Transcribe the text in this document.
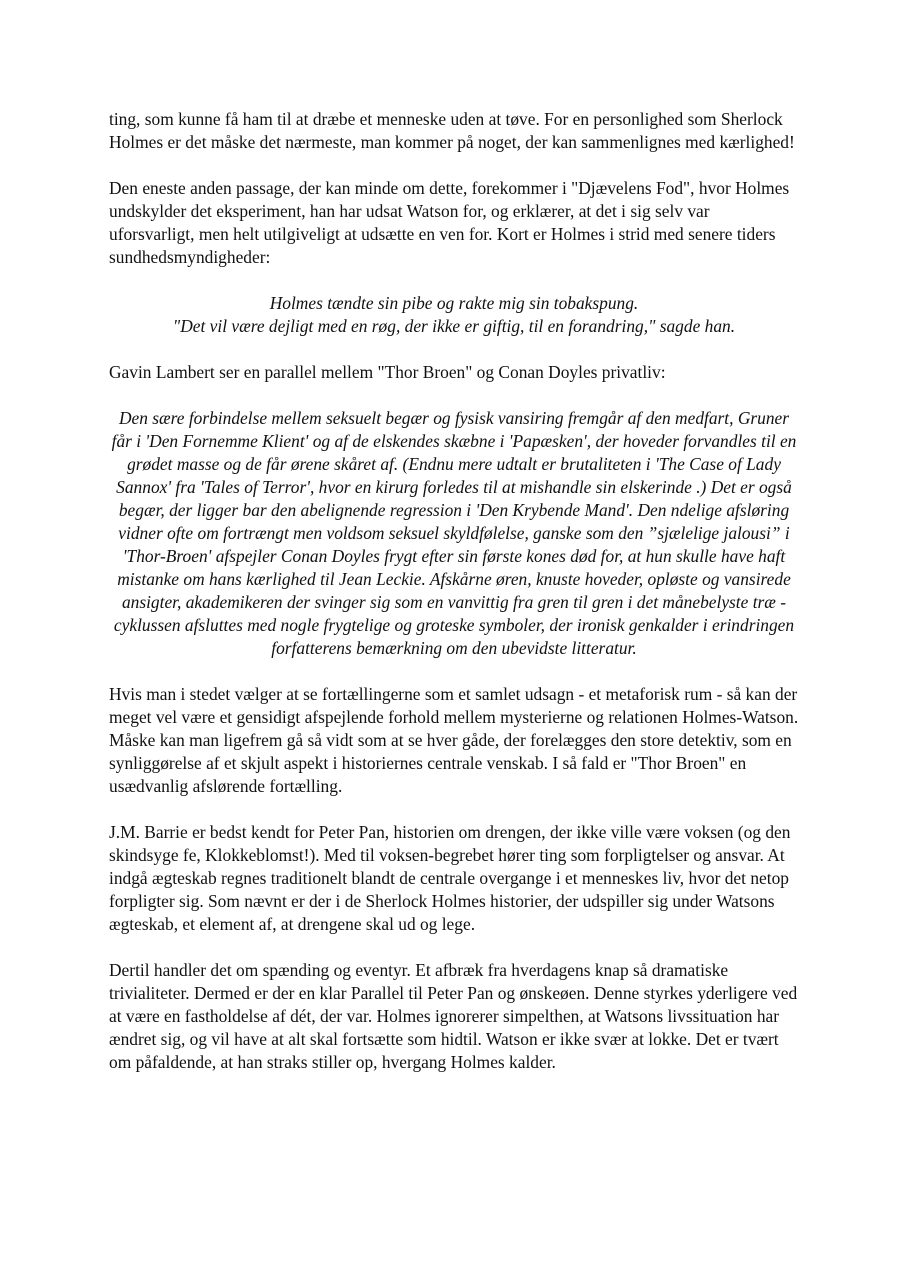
ting, som kunne få ham til at dræbe et menneske uden at tøve. For en personlighed som Sherlock Holmes er det måske det nærmeste, man kommer på noget, der kan sammenlignes med kærlighed!

Den eneste anden passage, der kan minde om dette, forekommer i "Djævelens Fod", hvor Holmes undskylder det eksperiment, han har udsat Watson for, og erklærer, at det i sig selv var uforsvarligt, men helt utilgiveligt at udsætte en ven for. Kort er Holmes i strid med senere tiders sundhedsmyndigheder:

Holmes tændte sin pibe og rakte mig sin tobakspung.
"Det vil være dejligt med en røg, der ikke er giftig, til en forandring," sagde han.

Gavin Lambert ser en parallel mellem "Thor Broen" og Conan Doyles privatliv:

Den sære forbindelse mellem seksuelt begær og fysisk vansiring fremgår af den medfart, Gruner får i 'Den Fornemme Klient' og af de elskendes skæbne i 'Papæsken', der hoveder forvandles til en grødet masse og de får ørene skåret af. (Endnu mere udtalt er brutaliteten i 'The Case of Lady Sannox' fra 'Tales of Terror', hvor en kirurg forledes til at mishandle sin elskerinde .) Det er også begær, der ligger bar den abelignende regression i 'Den Krybende Mand'. Den ndelige afsløring vidner ofte om fortrængt men voldsom seksuel skyldfølelse, ganske som den ”sjælelige jalousi” i 'Thor-Broen' afspejler Conan Doyles frygt efter sin første kones død for, at hun skulle have haft mistanke om hans kærlighed til Jean Leckie. Afskårne øren, knuste hoveder, opløste og vansirede ansigter, akademikeren der svinger sig som en vanvittig fra gren til gren i det månebelyste træ - cyklussen afsluttes med nogle frygtelige og groteske symboler, der ironisk genkalder i erindringen forfatterens bemærkning om den ubevidste litteratur.

Hvis man i stedet vælger at se fortællingerne som et samlet udsagn - et metaforisk rum - så kan der meget vel være et gensidigt afspejlende forhold mellem mysterierne og relationen Holmes-Watson. Måske kan man ligefrem gå så vidt som at se hver gåde, der forelægges den store detektiv, som en synliggørelse af et skjult aspekt i historiernes centrale venskab. I så fald er "Thor Broen" en usædvanlig afslørende fortælling.

J.M. Barrie er bedst kendt for Peter Pan, historien om drengen, der ikke ville være voksen (og den skindsyge fe, Klokkeblomst!). Med til voksen-begrebet hører ting som forpligtelser og ansvar. At indgå ægteskab regnes traditionelt blandt de centrale overgange i et menneskes liv, hvor det netop forpligter sig. Som nævnt er der i de Sherlock Holmes historier, der udspiller sig under Watsons ægteskab, et element af, at drengene skal ud og lege.

Dertil handler det om spænding og eventyr. Et afbræk fra hverdagens knap så dramatiske trivialiteter. Dermed er der en klar Parallel til Peter Pan og ønskeøen. Denne styrkes yderligere ved at være en fastholdelse af dét, der var. Holmes ignorerer simpelthen, at Watsons livssituation har ændret sig, og vil have at alt skal fortsætte som hidtil. Watson er ikke svær at lokke. Det er tvært om påfaldende, at han straks stiller op, hvergang Holmes kalder.
